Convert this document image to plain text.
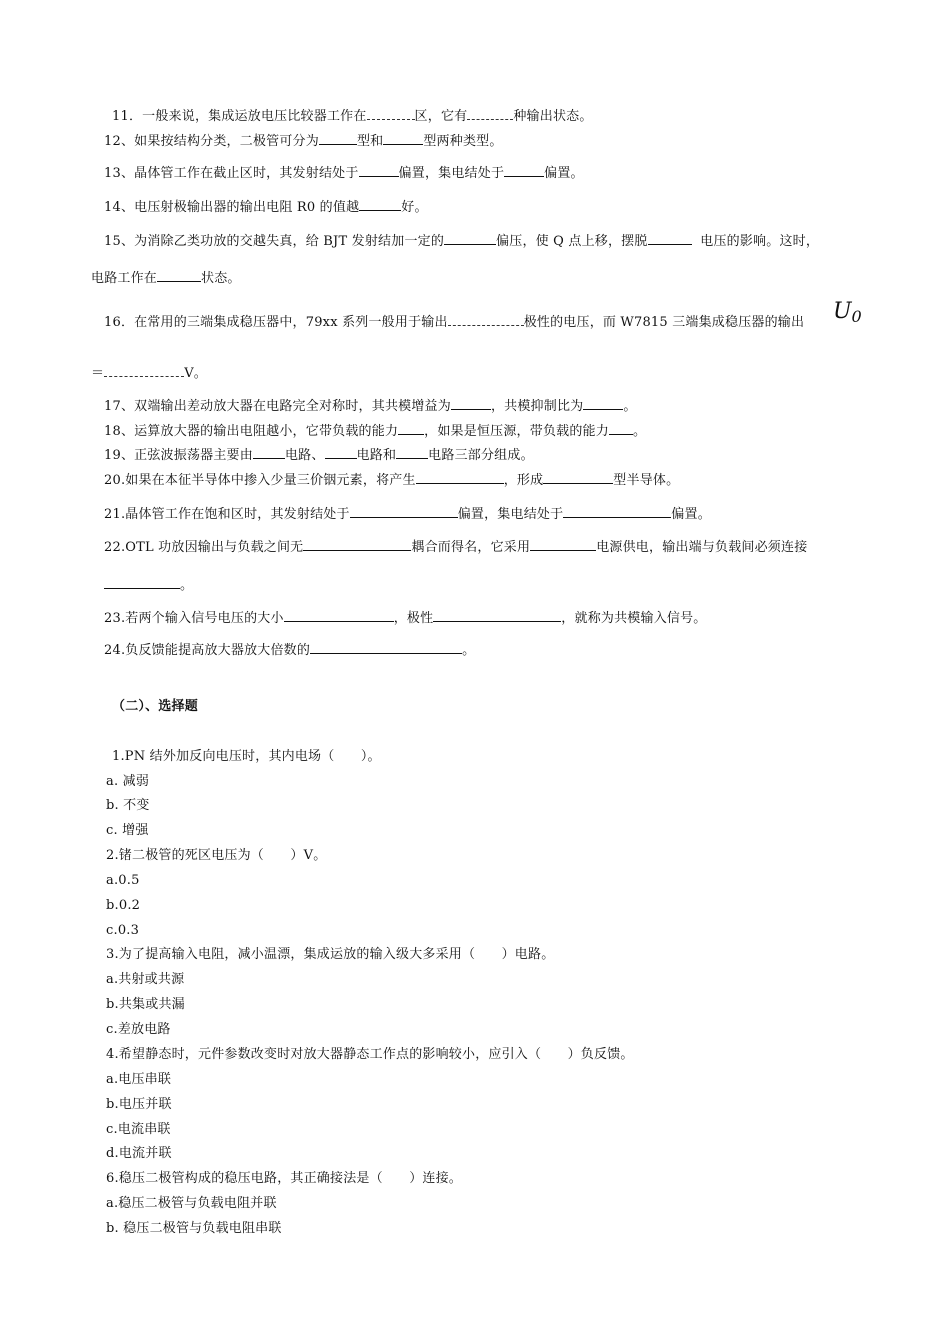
11．一般来说，集成运放电压比较器工作在	区，它有	种输出状态。
12、如果按结构分类，二极管可分为	型和	型两种类型。
13、晶体管工作在截止区时，其发射结处于	偏置，集电结处于	偏置。
14、电压射极输出器的输出电阻 R0 的值越	好。
15、为消除乙类功放的交越失真，给 BJT 发射结加一定的	偏压，使 Q 点上移，摆脱	电压的影响。这时，
电路工作在	状态。
16．在常用的三端集成稳压器中，79xx 系列一般用于输出	极性的电压，而 W7815 三端集成稳压器的输出 $U_0$
＝	V。
17、双端输出差动放大器在电路完全对称时，其共模增益为	，共模抑制比为	。
18、运算放大器的输出电阻越小，它带负载的能力 ，如果是恒压源，带负载的能力 。
19、正弦波振荡器主要由 电路、 电路和 电路三部分组成。
20.如果在本征半导体中掺入少量三价铟元素，将产生	，形成	型半导体。
21.晶体管工作在饱和区时，其发射结处于	偏置，集电结处于	偏置。
22.OTL 功放因输出与负载之间无	耦合而得名，它采用	电源供电，输出端与负载间必须连接
。
23.若两个输入信号电压的大小	，极性	，就称为共模输入信号。
24.负反馈能提高放大器放大倍数的	。
（二）、选择题
1.PN 结外加反向电压时，其内电场（　　）。
a. 减弱
b. 不变
c. 增强
2.锗二极管的死区电压为（　　）V。
a.0.5
b.0.2
c.0.3
3.为了提高输入电阻，减小温漂，集成运放的输入级大多采用（　　）电路。
a.共射或共源
b.共集或共漏
c.差放电路
4.希望静态时，元件参数改变时对放大器静态工作点的影响较小，应引入（　　）负反馈。
a.电压串联
b.电压并联
c.电流串联
d.电流并联
6.稳压二极管构成的稳压电路，其正确接法是（　　）连接。
a.稳压二极管与负载电阻并联
b. 稳压二极管与负载电阻串联
